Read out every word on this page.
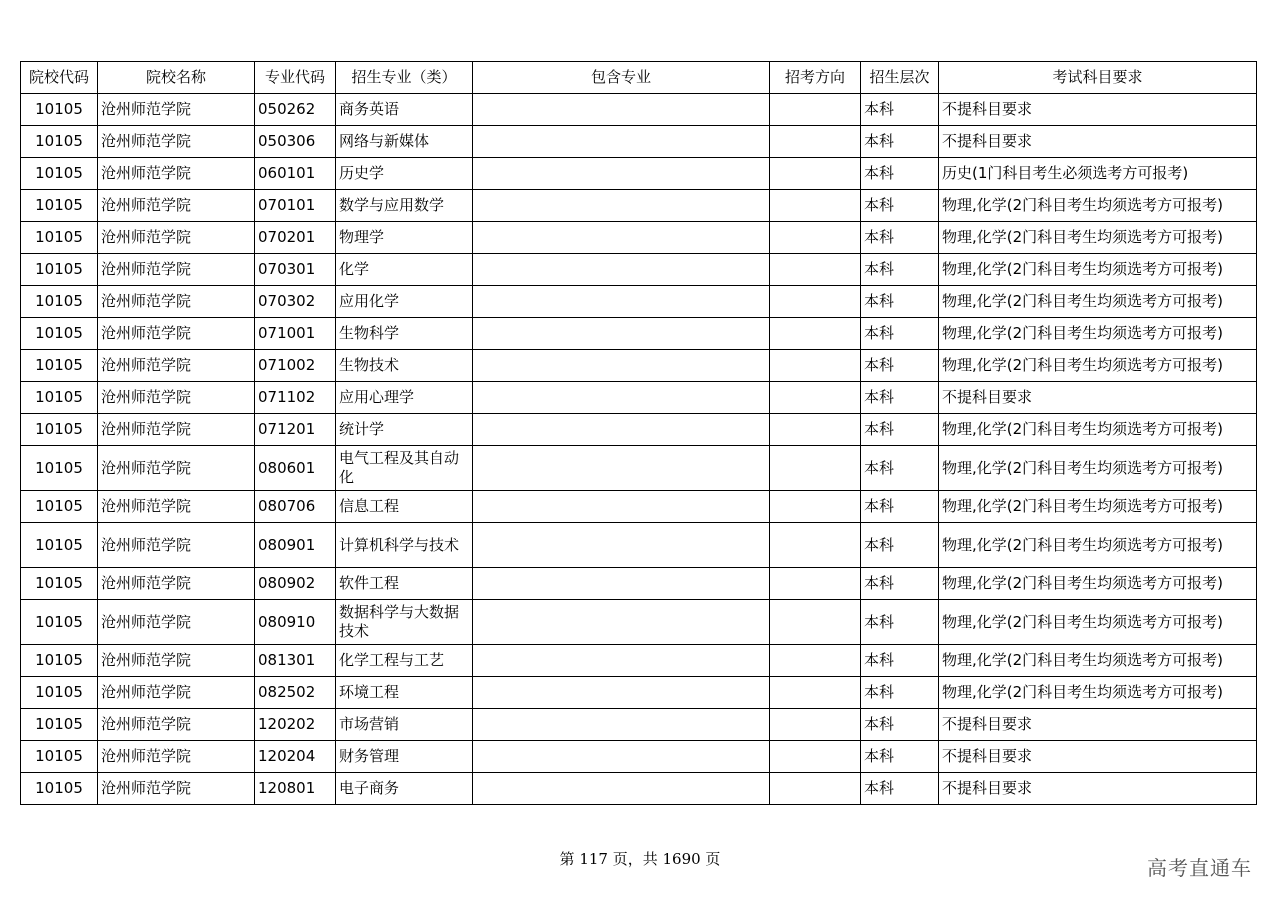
院校代码	院校名称	专业代码	招生专业（类）	包含专业	招考方向	招生层次	考试科目要求
10105	沧州师范学院	050262	商务英语			本科	不提科目要求
10105	沧州师范学院	050306	网络与新媒体			本科	不提科目要求
10105	沧州师范学院	060101	历史学			本科	历史(1门科目考生必须选考方可报考)
10105	沧州师范学院	070101	数学与应用数学			本科	物理,化学(2门科目考生均须选考方可报考)
10105	沧州师范学院	070201	物理学			本科	物理,化学(2门科目考生均须选考方可报考)
10105	沧州师范学院	070301	化学			本科	物理,化学(2门科目考生均须选考方可报考)
10105	沧州师范学院	070302	应用化学			本科	物理,化学(2门科目考生均须选考方可报考)
10105	沧州师范学院	071001	生物科学			本科	物理,化学(2门科目考生均须选考方可报考)
10105	沧州师范学院	071002	生物技术			本科	物理,化学(2门科目考生均须选考方可报考)
10105	沧州师范学院	071102	应用心理学			本科	不提科目要求
10105	沧州师范学院	071201	统计学			本科	物理,化学(2门科目考生均须选考方可报考)
10105	沧州师范学院	080601	电气工程及其自动化			本科	物理,化学(2门科目考生均须选考方可报考)
10105	沧州师范学院	080706	信息工程			本科	物理,化学(2门科目考生均须选考方可报考)
10105	沧州师范学院	080901	计算机科学与技术			本科	物理,化学(2门科目考生均须选考方可报考)
10105	沧州师范学院	080902	软件工程			本科	物理,化学(2门科目考生均须选考方可报考)
10105	沧州师范学院	080910	数据科学与大数据技术			本科	物理,化学(2门科目考生均须选考方可报考)
10105	沧州师范学院	081301	化学工程与工艺			本科	物理,化学(2门科目考生均须选考方可报考)
10105	沧州师范学院	082502	环境工程			本科	物理,化学(2门科目考生均须选考方可报考)
10105	沧州师范学院	120202	市场营销			本科	不提科目要求
10105	沧州师范学院	120204	财务管理			本科	不提科目要求
10105	沧州师范学院	120801	电子商务			本科	不提科目要求
第 117 页，共 1690 页	高考直通车
